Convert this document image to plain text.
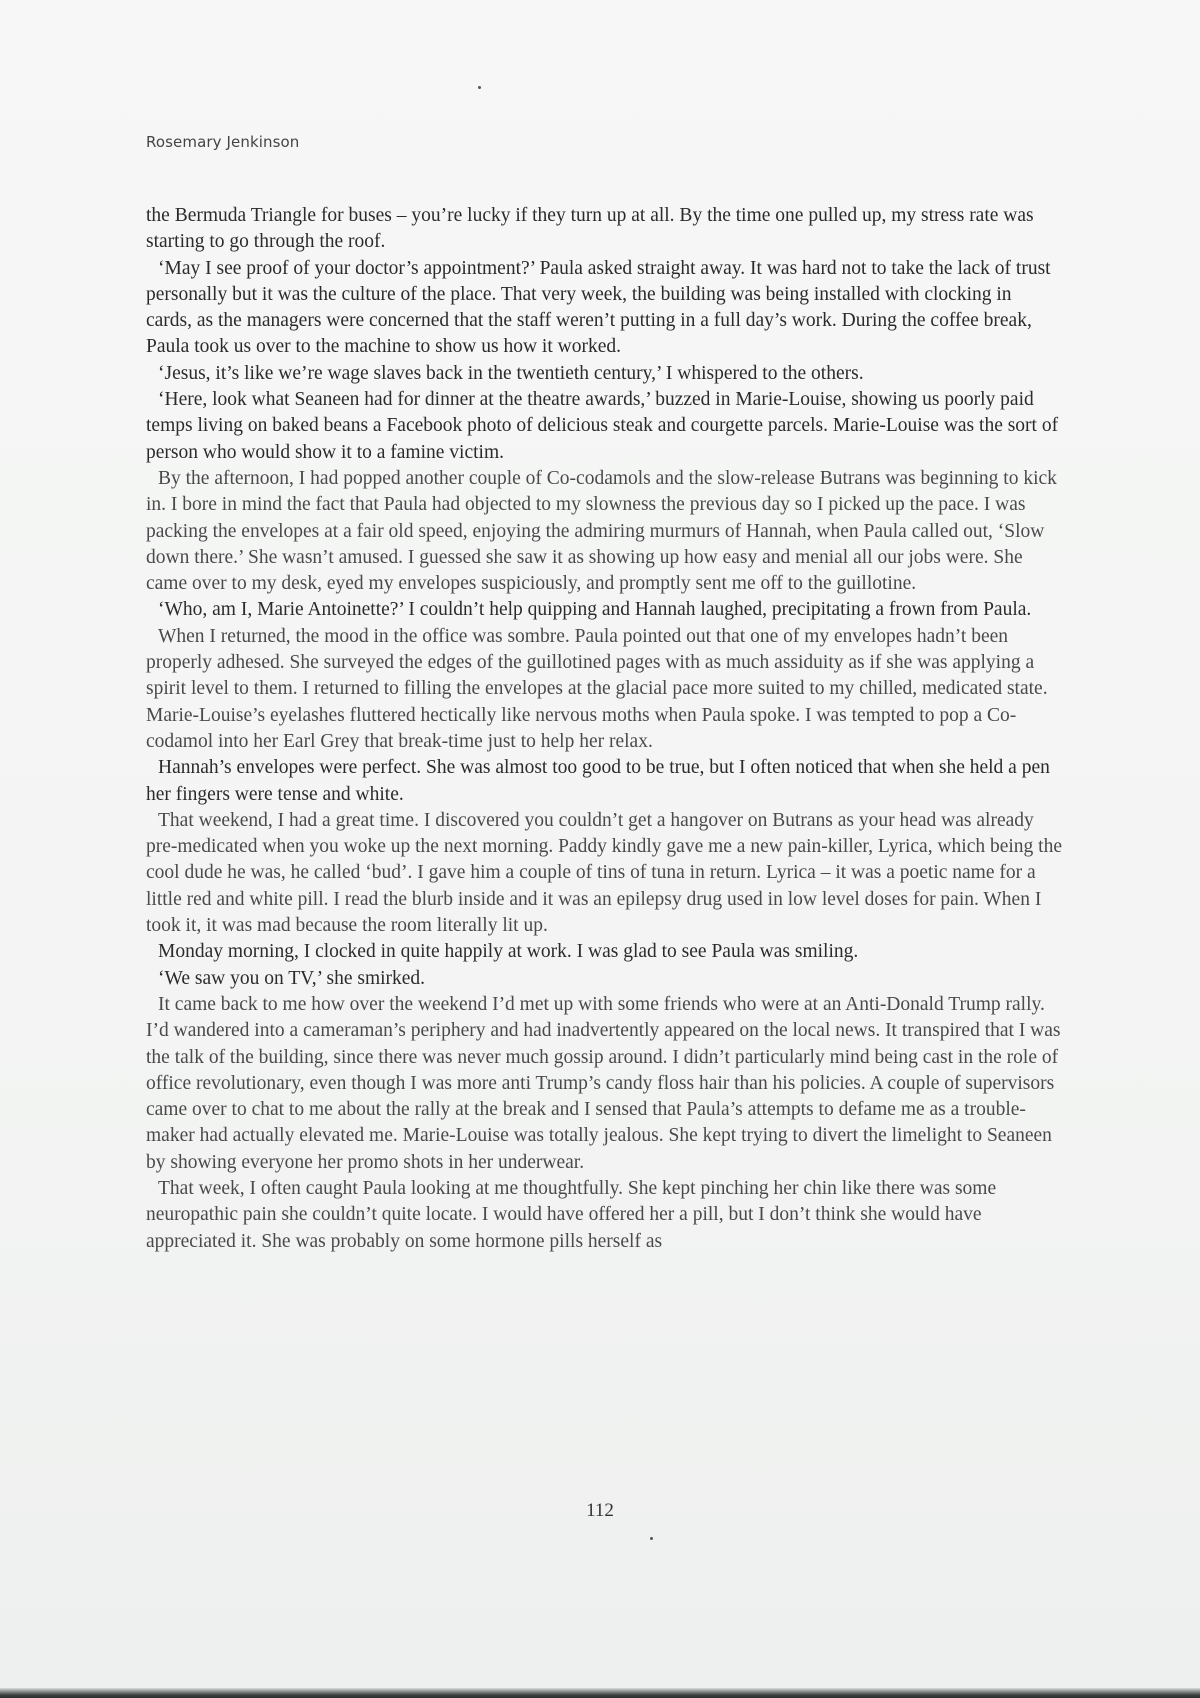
Rosemary Jenkinson

the Bermuda Triangle for buses – you’re lucky if they turn up at all. By the time one pulled up, my stress rate was starting to go through the roof.

‘May I see proof of your doctor’s appointment?’ Paula asked straight away. It was hard not to take the lack of trust personally but it was the culture of the place. That very week, the building was being installed with clocking in cards, as the managers were concerned that the staff weren’t putting in a full day’s work. During the coffee break, Paula took us over to the machine to show us how it worked.

‘Jesus, it’s like we’re wage slaves back in the twentieth century,’ I whispered to the others.

‘Here, look what Seaneen had for dinner at the theatre awards,’ buzzed in Marie-Louise, showing us poorly paid temps living on baked beans a Facebook photo of delicious steak and courgette parcels. Marie-Louise was the sort of person who would show it to a famine victim.

By the afternoon, I had popped another couple of Co-codamols and the slow-release Butrans was beginning to kick in. I bore in mind the fact that Paula had objected to my slowness the previous day so I picked up the pace. I was packing the envelopes at a fair old speed, enjoying the admiring murmurs of Hannah, when Paula called out, ‘Slow down there.’ She wasn’t amused. I guessed she saw it as showing up how easy and menial all our jobs were. She came over to my desk, eyed my envelopes suspiciously, and promptly sent me off to the guillotine.

‘Who, am I, Marie Antoinette?’ I couldn’t help quipping and Hannah laughed, precipitating a frown from Paula.

When I returned, the mood in the office was sombre. Paula pointed out that one of my envelopes hadn’t been properly adhesed. She surveyed the edges of the guillotined pages with as much assiduity as if she was applying a spirit level to them. I returned to filling the envelopes at the glacial pace more suited to my chilled, medicated state. Marie-Louise’s eyelashes fluttered hectically like nervous moths when Paula spoke. I was tempted to pop a Co-codamol into her Earl Grey that break-time just to help her relax.

Hannah’s envelopes were perfect. She was almost too good to be true, but I often noticed that when she held a pen her fingers were tense and white.

That weekend, I had a great time. I discovered you couldn’t get a hangover on Butrans as your head was already pre-medicated when you woke up the next morning. Paddy kindly gave me a new pain-killer, Lyrica, which being the cool dude he was, he called ‘bud’. I gave him a couple of tins of tuna in return. Lyrica – it was a poetic name for a little red and white pill. I read the blurb inside and it was an epilepsy drug used in low level doses for pain. When I took it, it was mad because the room literally lit up.

Monday morning, I clocked in quite happily at work. I was glad to see Paula was smiling.

‘We saw you on TV,’ she smirked.

It came back to me how over the weekend I’d met up with some friends who were at an Anti-Donald Trump rally. I’d wandered into a cameraman’s periphery and had inadvertently appeared on the local news. It transpired that I was the talk of the building, since there was never much gossip around. I didn’t particularly mind being cast in the role of office revolutionary, even though I was more anti Trump’s candy floss hair than his policies. A couple of supervisors came over to chat to me about the rally at the break and I sensed that Paula’s attempts to defame me as a trouble-maker had actually elevated me. Marie-Louise was totally jealous. She kept trying to divert the limelight to Seaneen by showing everyone her promo shots in her underwear.

That week, I often caught Paula looking at me thoughtfully. She kept pinching her chin like there was some neuropathic pain she couldn’t quite locate. I would have offered her a pill, but I don’t think she would have appreciated it. She was probably on some hormone pills herself as

112
